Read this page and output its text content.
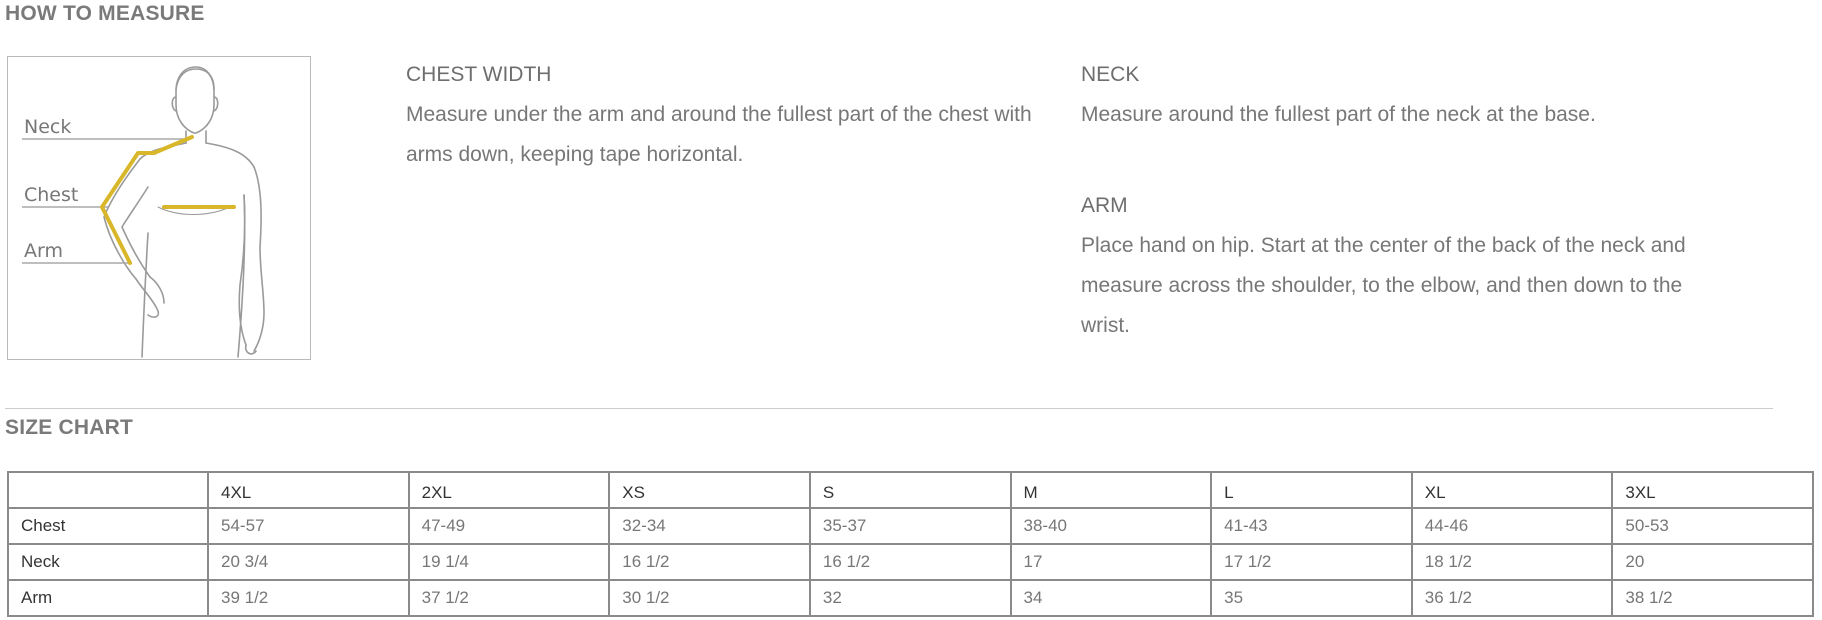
HOW TO MEASURE
Neck
Chest
Arm
CHEST WIDTH
Measure under the arm and around the fullest part of the chest with arms down, keeping tape horizontal.
NECK
Measure around the fullest part of the neck at the base.
ARM
Place hand on hip. Start at the center of the back of the neck and measure across the shoulder, to the elbow, and then down to the wrist.
SIZE CHART
	4XL	2XL	XS	S	M	L	XL	3XL
Chest	54-57	47-49	32-34	35-37	38-40	41-43	44-46	50-53
Neck	20 3/4	19 1/4	16 1/2	16 1/2	17	17 1/2	18 1/2	20
Arm	39 1/2	37 1/2	30 1/2	32	34	35	36 1/2	38 1/2
